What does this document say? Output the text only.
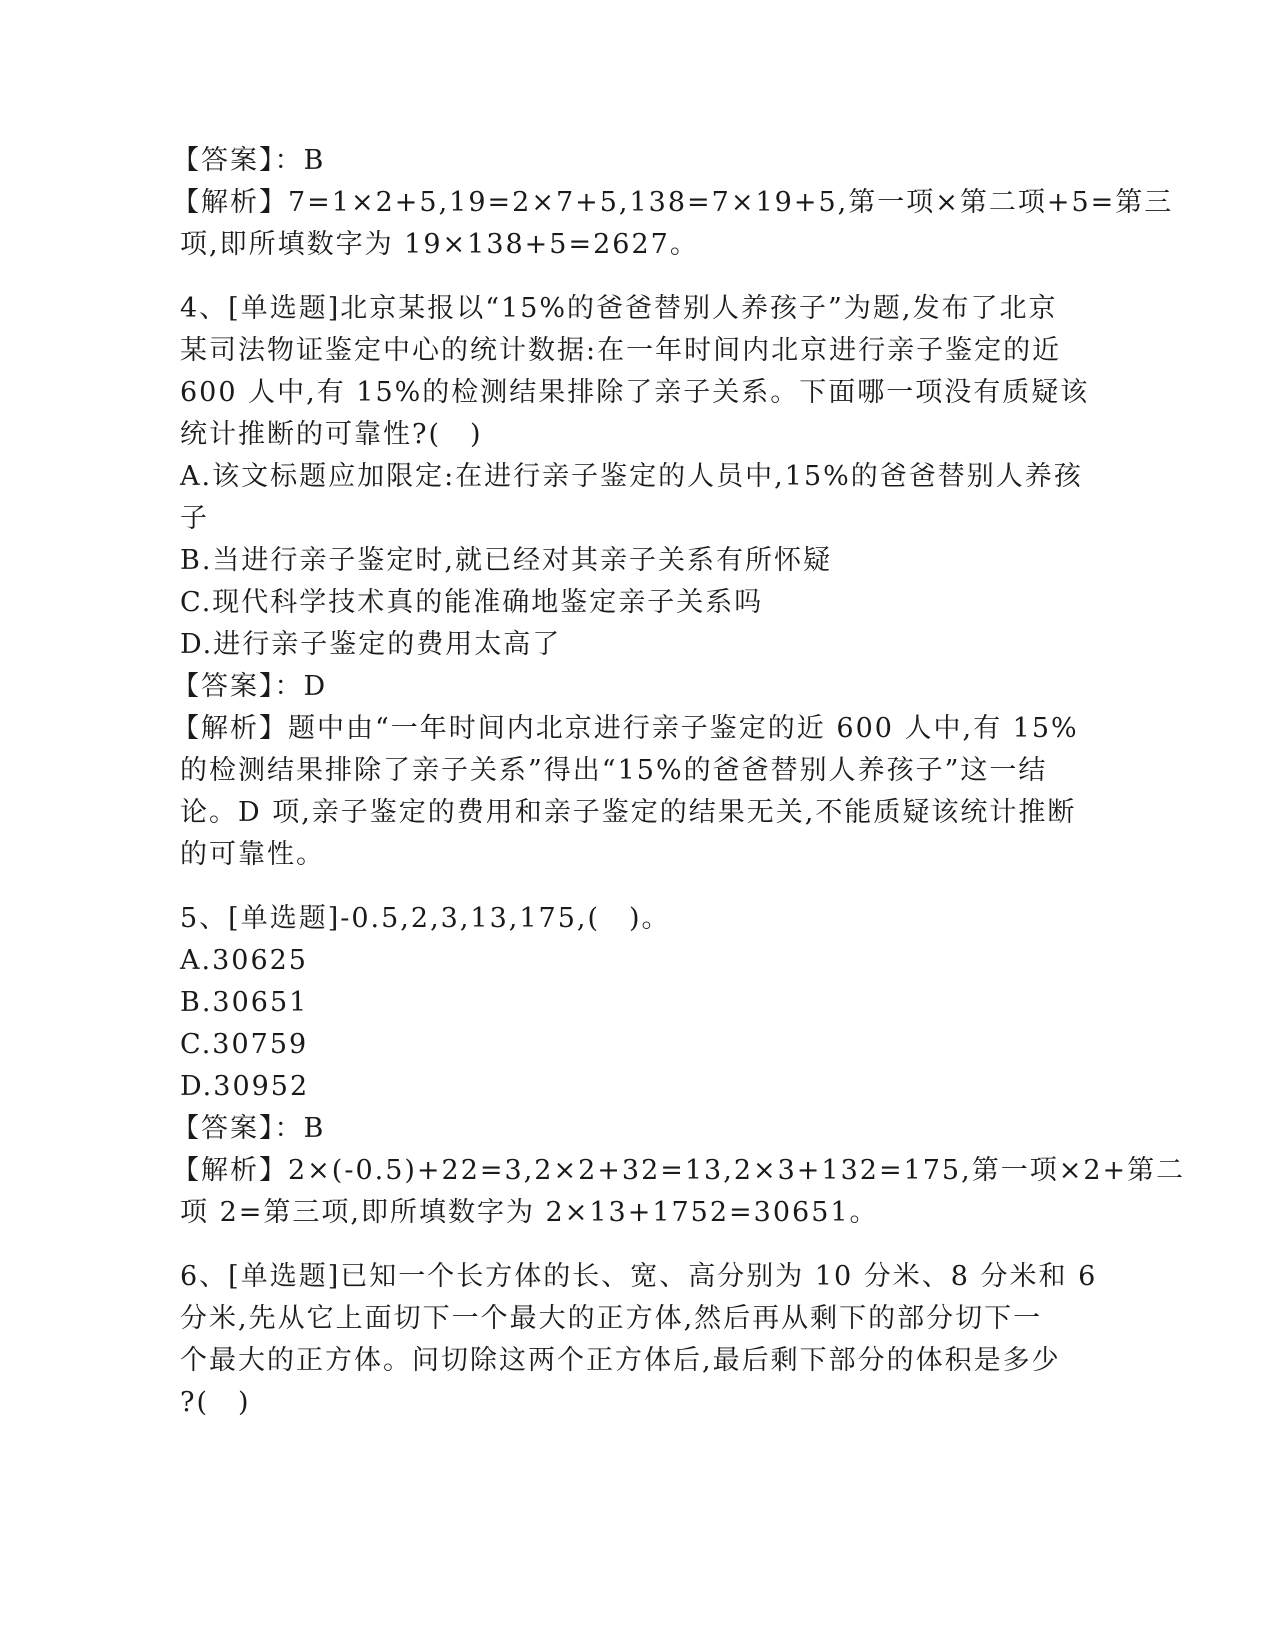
【答案】：B
【解析】7=1×2+5,19=2×7+5,138=7×19+5,第一项×第二项+5=第三
项,即所填数字为 19×138+5=2627。
4、[单选题]北京某报以“15%的爸爸替别人养孩子”为题,发布了北京
某司法物证鉴定中心的统计数据:在一年时间内北京进行亲子鉴定的近
600 人中,有 15%的检测结果排除了亲子关系。下面哪一项没有质疑该
统计推断的可靠性?(　)
A.该文标题应加限定:在进行亲子鉴定的人员中,15%的爸爸替别人养孩
子
B.当进行亲子鉴定时,就已经对其亲子关系有所怀疑
C.现代科学技术真的能准确地鉴定亲子关系吗
D.进行亲子鉴定的费用太高了
【答案】：D
【解析】题中由“一年时间内北京进行亲子鉴定的近 600 人中,有 15%
的检测结果排除了亲子关系”得出“15%的爸爸替别人养孩子”这一结
论。D 项,亲子鉴定的费用和亲子鉴定的结果无关,不能质疑该统计推断
的可靠性。
5、[单选题]-0.5,2,3,13,175,(　)。
A.30625
B.30651
C.30759
D.30952
【答案】：B
【解析】2×(-0.5)+22=3,2×2+32=13,2×3+132=175,第一项×2+第二
项 2=第三项,即所填数字为 2×13+1752=30651。
6、[单选题]已知一个长方体的长、宽、高分别为 10 分米、8 分米和 6
分米,先从它上面切下一个最大的正方体,然后再从剩下的部分切下一
个最大的正方体。问切除这两个正方体后,最后剩下部分的体积是多少
?(　)
